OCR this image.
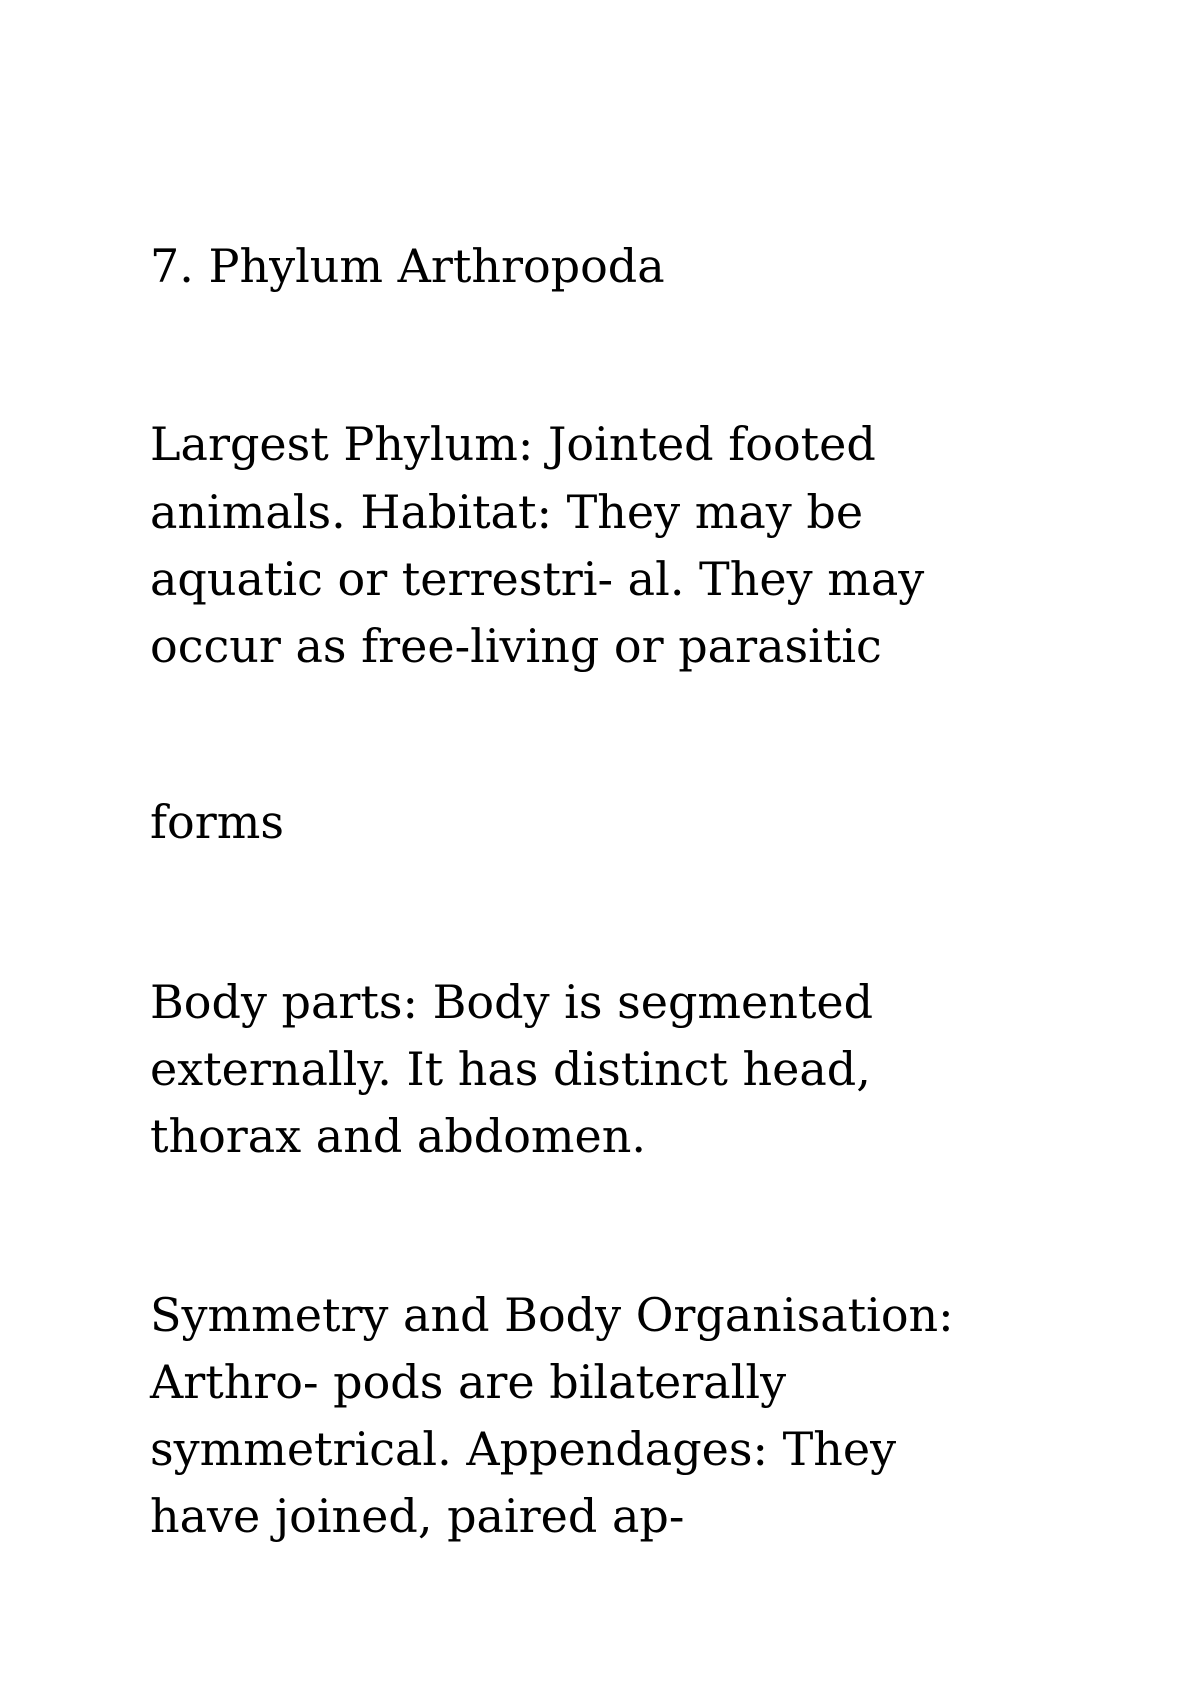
7. Phylum Arthropoda

Largest Phylum: Jointed footed

animals. Habitat: They may be

aquatic or terrestri- al. They may

occur as free-living or parasitic

forms

Body parts: Body is segmented

externally. It has distinct head,

thorax and abdomen.

Symmetry and Body Organisation:

Arthro- pods are bilaterally

symmetrical. Appendages: They

have joined, paired ap-
